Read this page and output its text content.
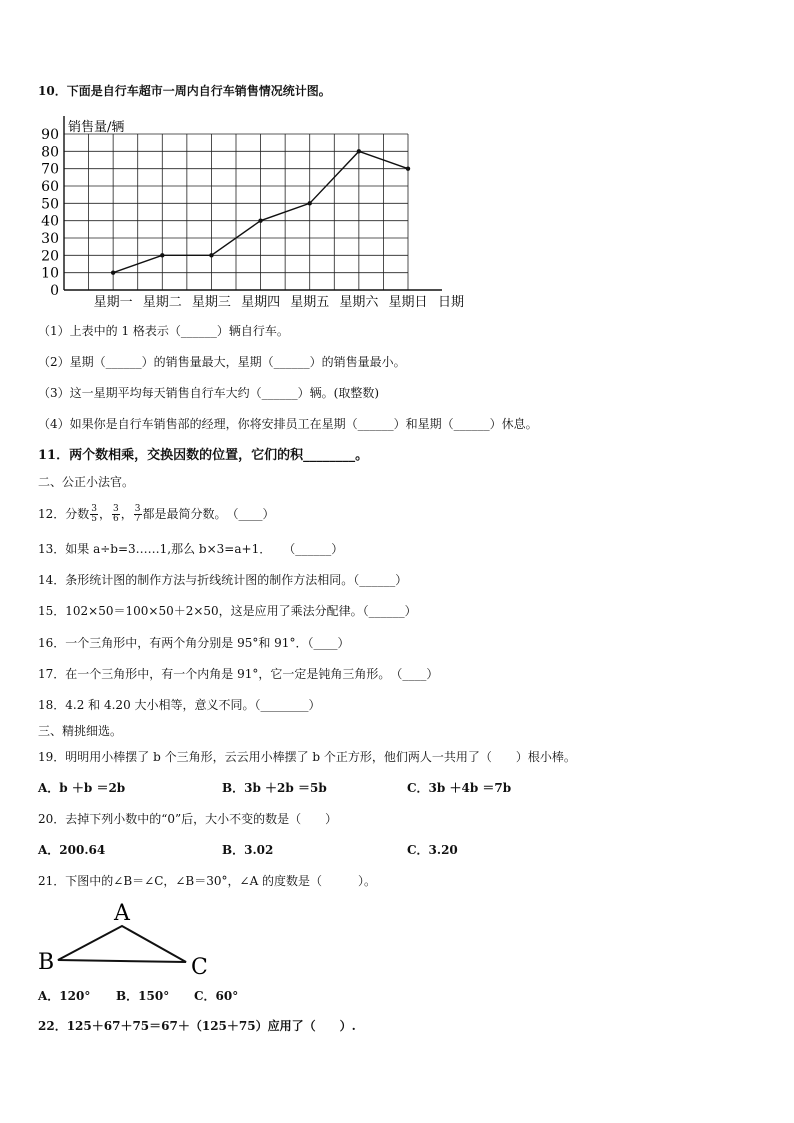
10．下面是自行车超市一周内自行车销售情况统计图。
0
10
20
30
40
50
60
70
80
90
星期一 星期二 星期三 星期四 星期五 星期六 星期日
销售量/辆
日期
（1）上表中的 1 格表示（______）辆自行车。
（2）星期（______）的销售量最大，星期（______）的销售量最小。
（3）这一星期平均每天销售自行车大约（______）辆。(取整数)
（4）如果你是自行车销售部的经理，你将安排员工在星期（______）和星期（______）休息。
11．两个数相乘，交换因数的位置，它们的积________。
二、公正小法官。
12．分数 $\frac{3}{5}$ ， $\frac{3}{6}$ ， $\frac{3}{7}$ 都是最简分数。　（____）
13．如果 a÷b=3……1,那么 b×3=a+1．　　（______）
14．条形统计图的制作方法与折线统计图的制作方法相同。（______）
15．102×50＝100×50＋2×50，这是应用了乘法分配律。（______）
16．一个三角形中，有两个角分别是 95°和 91°．（____）
17．在一个三角形中，有一个内角是 91°，它一定是钝角三角形。　（____）
18．4.2 和 4.20 大小相等，意义不同。（________）
三、精挑细选。
19．明明用小棒摆了 b 个三角形，云云用小棒摆了 b 个正方形，他们两人一共用了（　　）根小棒。
A．b ＋b ＝2b	B．3b ＋2b ＝5b	C．3b ＋4b ＝7b
20．去掉下列小数中的“0”后，大小不变的数是（　　）
A．200.64	B．3.02	C．3.20
21．下图中的∠B＝∠C，∠B＝30°，∠A 的度数是（　　　）。
A
B	C
A．120° B．150° C．60°
22．125＋67＋75＝67＋（125＋75）应用了（　　）.
